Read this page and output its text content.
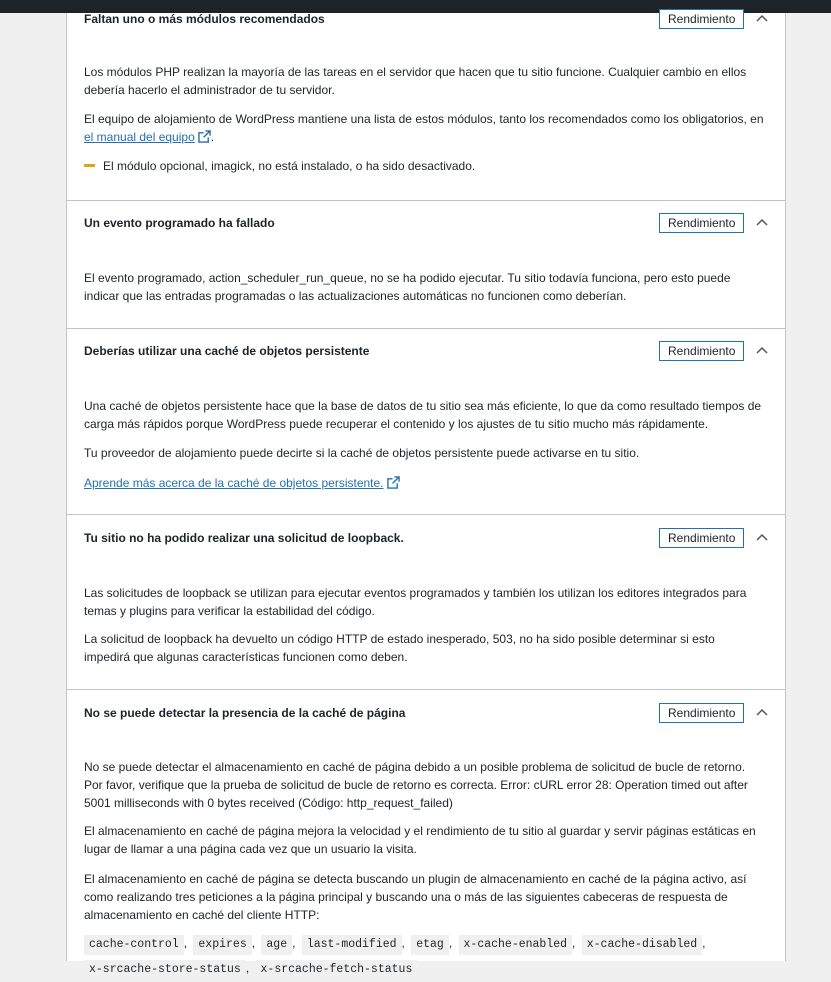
Faltan uno o más módulos recomendados	Rendimiento

Los módulos PHP realizan la mayoría de las tareas en el servidor que hacen que tu sitio funcione. Cualquier cambio en ellos debería hacerlo el administrador de tu servidor.

El equipo de alojamiento de WordPress mantiene una lista de estos módulos, tanto los recomendados como los obligatorios, en el manual del equipo .

El módulo opcional, imagick, no está instalado, o ha sido desactivado.

Un evento programado ha fallado	Rendimiento

El evento programado, action_scheduler_run_queue, no se ha podido ejecutar. Tu sitio todavía funciona, pero esto puede indicar que las entradas programadas o las actualizaciones automáticas no funcionen como deberían.

Deberías utilizar una caché de objetos persistente	Rendimiento

Una caché de objetos persistente hace que la base de datos de tu sitio sea más eficiente, lo que da como resultado tiempos de carga más rápidos porque WordPress puede recuperar el contenido y los ajustes de tu sitio mucho más rápidamente.

Tu proveedor de alojamiento puede decirte si la caché de objetos persistente puede activarse en tu sitio.

Aprende más acerca de la caché de objetos persistente.

Tu sitio no ha podido realizar una solicitud de loopback.	Rendimiento

Las solicitudes de loopback se utilizan para ejecutar eventos programados y también los utilizan los editores integrados para temas y plugins para verificar la estabilidad del código.

La solicitud de loopback ha devuelto un código HTTP de estado inesperado, 503, no ha sido posible determinar si esto impedirá que algunas características funcionen como deben.

No se puede detectar la presencia de la caché de página	Rendimiento

No se puede detectar el almacenamiento en caché de página debido a un posible problema de solicitud de bucle de retorno. Por favor, verifique que la prueba de solicitud de bucle de retorno es correcta. Error: cURL error 28: Operation timed out after 5001 milliseconds with 0 bytes received (Código: http_request_failed)

El almacenamiento en caché de página mejora la velocidad y el rendimiento de tu sitio al guardar y servir páginas estáticas en lugar de llamar a una página cada vez que un usuario la visita.

El almacenamiento en caché de página se detecta buscando un plugin de almacenamiento en caché de la página activo, así como realizando tres peticiones a la página principal y buscando una o más de las siguientes cabeceras de respuesta de almacenamiento en caché del cliente HTTP:

cache-control , expires , age , last-modified , etag , x-cache-enabled , x-cache-disabled , x-srcache-store-status , x-srcache-fetch-status
